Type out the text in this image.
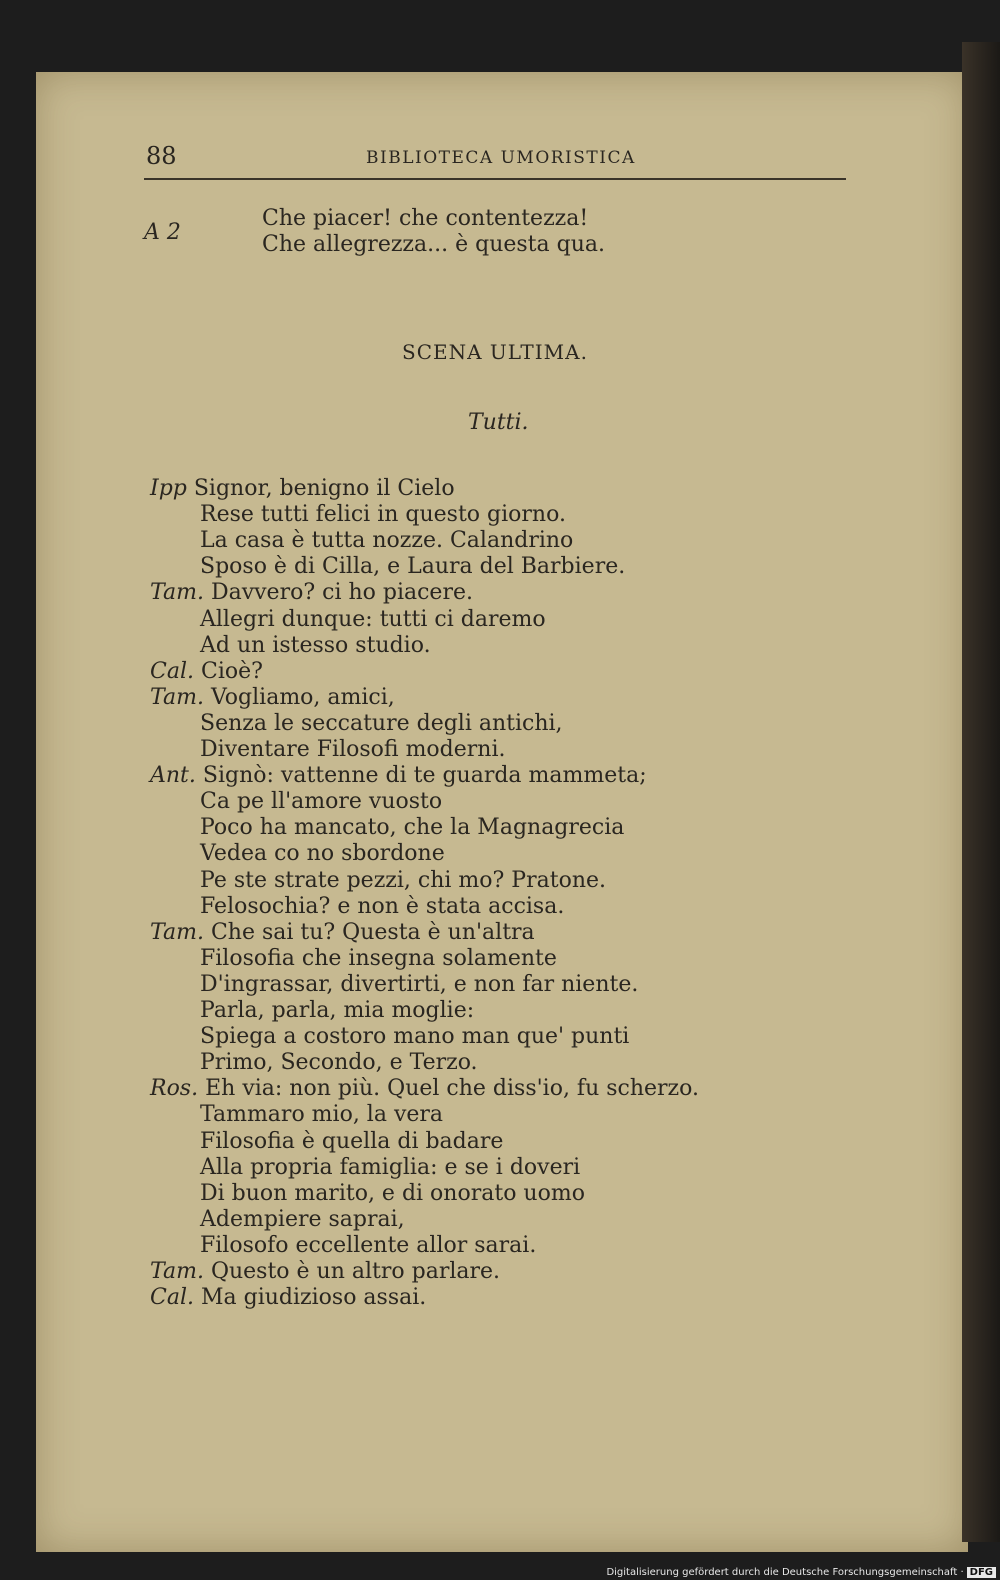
88	BIBLIOTECA UMORISTICA
A 2
Che piacer! che contentezza!
Che allegrezza... è questa qua.
SCENA ULTIMA.
Tutti.
Ipp Signor, benigno il Cielo
Rese tutti felici in questo giorno.
La casa è tutta nozze. Calandrino
Sposo è di Cilla, e Laura del Barbiere.
Tam. Davvero? ci ho piacere.
Allegri dunque: tutti ci daremo
Ad un istesso studio.
Cal. Cioè?
Tam. Vogliamo, amici,
Senza le seccature degli antichi,
Diventare Filosofi moderni.
Ant. Signò: vattenne di te guarda mammeta;
Ca pe ll'amore vuosto
Poco ha mancato, che la Magnagrecia
Vedea co no sbordone
Pe ste strate pezzi, chi mo? Pratone.
Felosochia? e non è stata accisa.
Tam. Che sai tu? Questa è un'altra
Filosofia che insegna solamente
D'ingrassar, divertirti, e non far niente.
Parla, parla, mia moglie:
Spiega a costoro mano man que' punti
Primo, Secondo, e Terzo.
Ros. Eh via: non più. Quel che diss'io, fu scherzo.
Tammaro mio, la vera
Filosofia è quella di badare
Alla propria famiglia: e se i doveri
Di buon marito, e di onorato uomo
Adempiere saprai,
Filosofo eccellente allor sarai.
Tam. Questo è un altro parlare.
Cal. Ma giudizioso assai.
Digitalisierung gefördert durch die Deutsche Forschungsgemeinschaft · DFG
